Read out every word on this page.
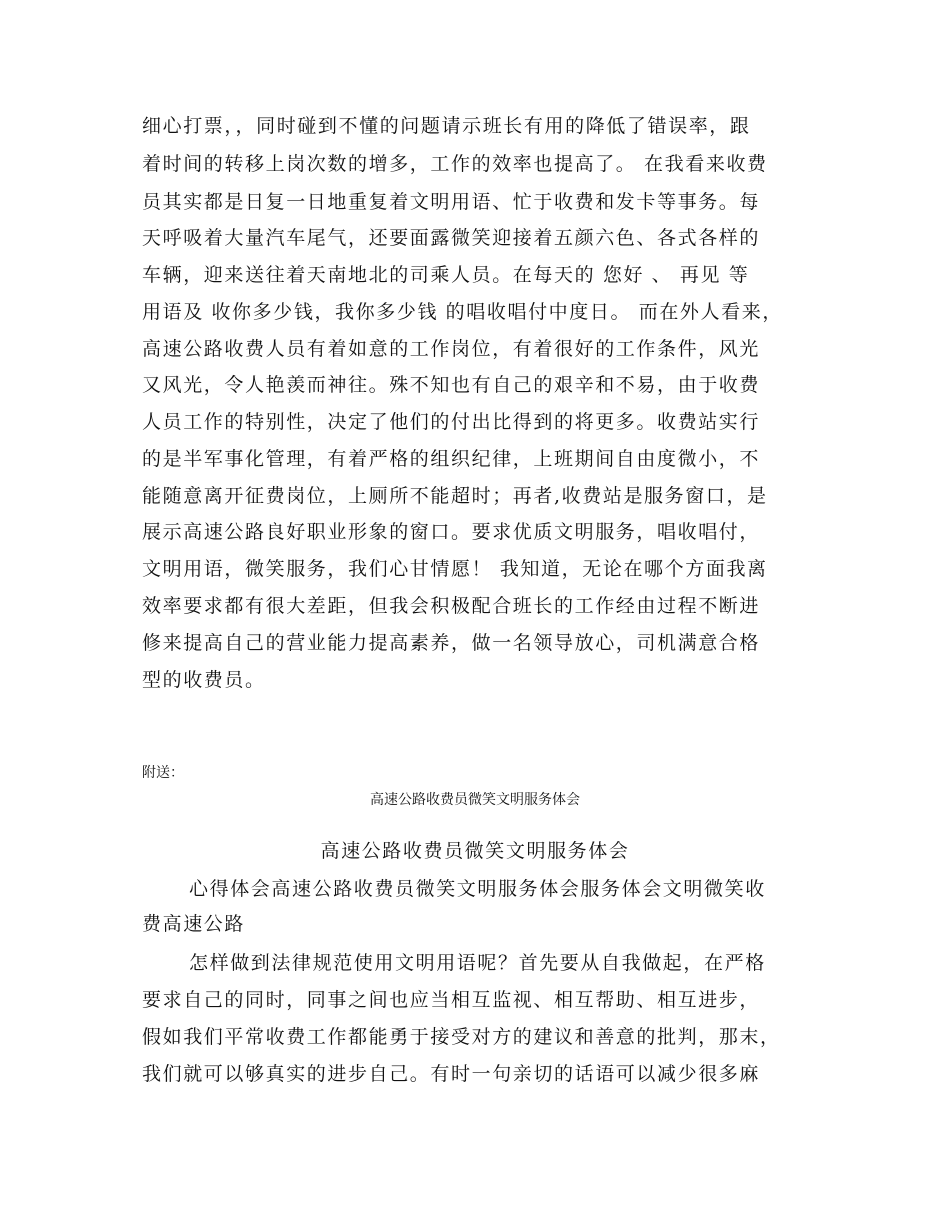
细心打票，，同时碰到不懂的问题请示班长有用的降低了错误率，跟
着时间的转移上岗次数的增多，工作的效率也提高了。 在我看来收费
员其实都是日复一日地重复着文明用语、忙于收费和发卡等事务。每
天呼吸着大量汽车尾气，还要面露微笑迎接着五颜六色、各式各样的
车辆，迎来送往着天南地北的司乘人员。在每天的 您好 、 再见 等
用语及 收你多少钱，我你多少钱 的唱收唱付中度日。 而在外人看来，
高速公路收费人员有着如意的工作岗位，有着很好的工作条件，风光
又风光，令人艳羡而神往。殊不知也有自己的艰辛和不易，由于收费
人员工作的特别性，决定了他们的付出比得到的将更多。收费站实行
的是半军事化管理，有着严格的组织纪律，上班期间自由度微小，不
能随意离开征费岗位，上厕所不能超时；再者,收费站是服务窗口，是
展示高速公路良好职业形象的窗口。要求优质文明服务，唱收唱付，
文明用语，微笑服务，我们心甘情愿！ 我知道，无论在哪个方面我离
效率要求都有很大差距，但我会积极配合班长的工作经由过程不断进
修来提高自己的营业能力提高素养，做一名领导放心，司机满意合格
型的收费员。
附送：
高速公路收费员微笑文明服务体会
高速公路收费员微笑文明服务体会
心得体会高速公路收费员微笑文明服务体会服务体会文明微笑收
费高速公路
怎样做到法律规范使用文明用语呢？首先要从自我做起，在严格
要求自己的同时，同事之间也应当相互监视、相互帮助、相互进步，
假如我们平常收费工作都能勇于接受对方的建议和善意的批判，那末，
我们就可以够真实的进步自己。有时一句亲切的话语可以减少很多麻
